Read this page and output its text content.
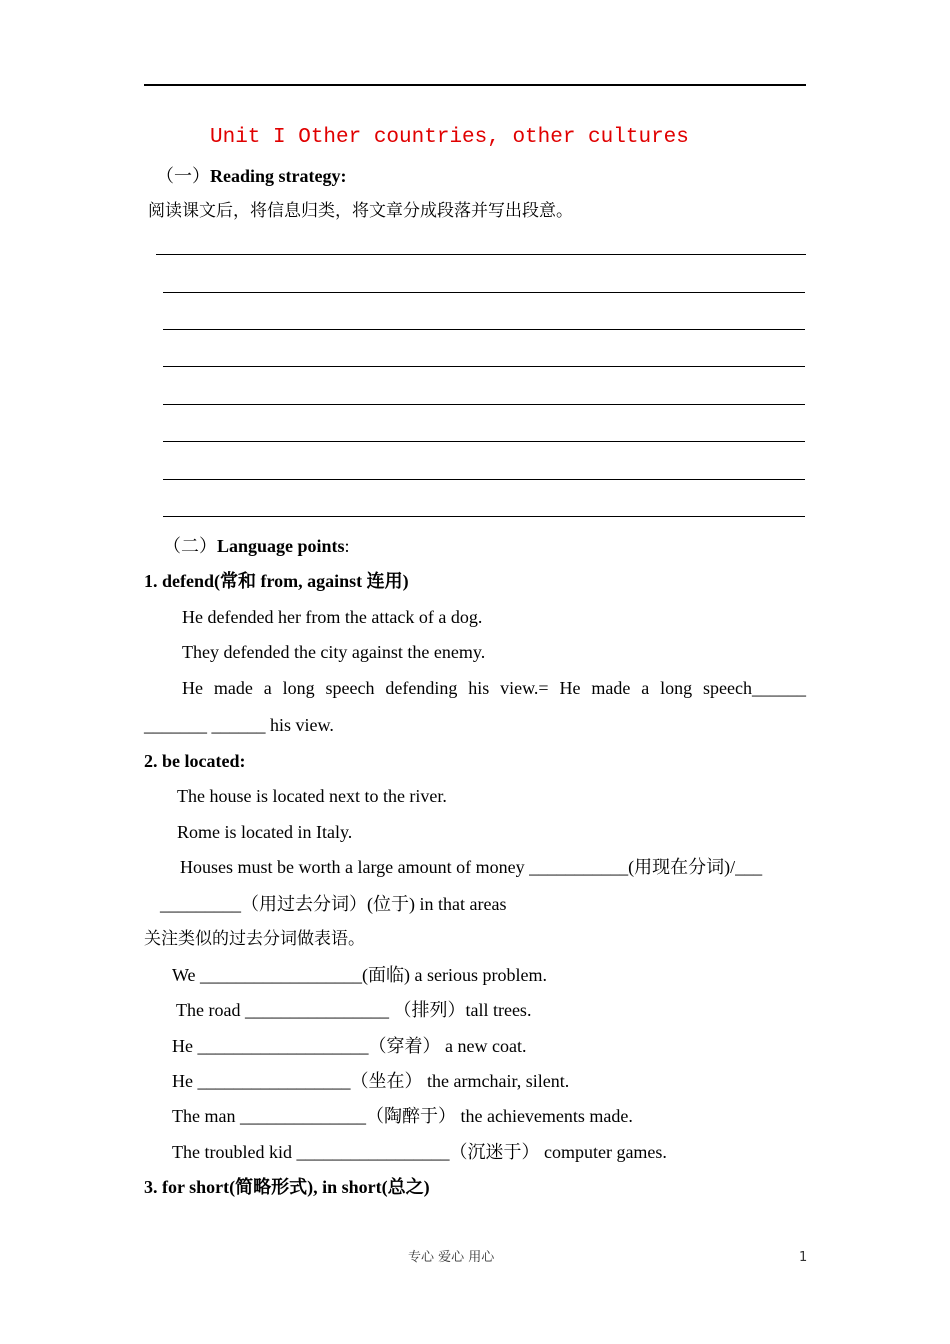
Unit I Other countries, other cultures
（一）Reading strategy:
阅读课文后，将信息归类，将文章分成段落并写出段意。
（二）Language points:
1. defend(常和 from, against 连用)
He defended her from the attack of a dog.
They defended the city against the enemy.
He made a long speech defending his view.= He made a long speech______
_______ ______ his view.
2. be located:
The house is located next to the river.
Rome is located in Italy.
Houses must be worth a large amount of money ___________(用现在分词)/___
_________（用过去分词）(位于) in that areas
关注类似的过去分词做表语。
We __________________(面临) a serious problem.
The road ________________ （排列）tall trees.
He ___________________（穿着） a new coat.
He _________________（坐在） the armchair, silent.
The man ______________（陶醉于） the achievements made.
The troubled kid _________________（沉迷于） computer games.
3. for short(简略形式), in short(总之)
专心 爱心 用心	1
